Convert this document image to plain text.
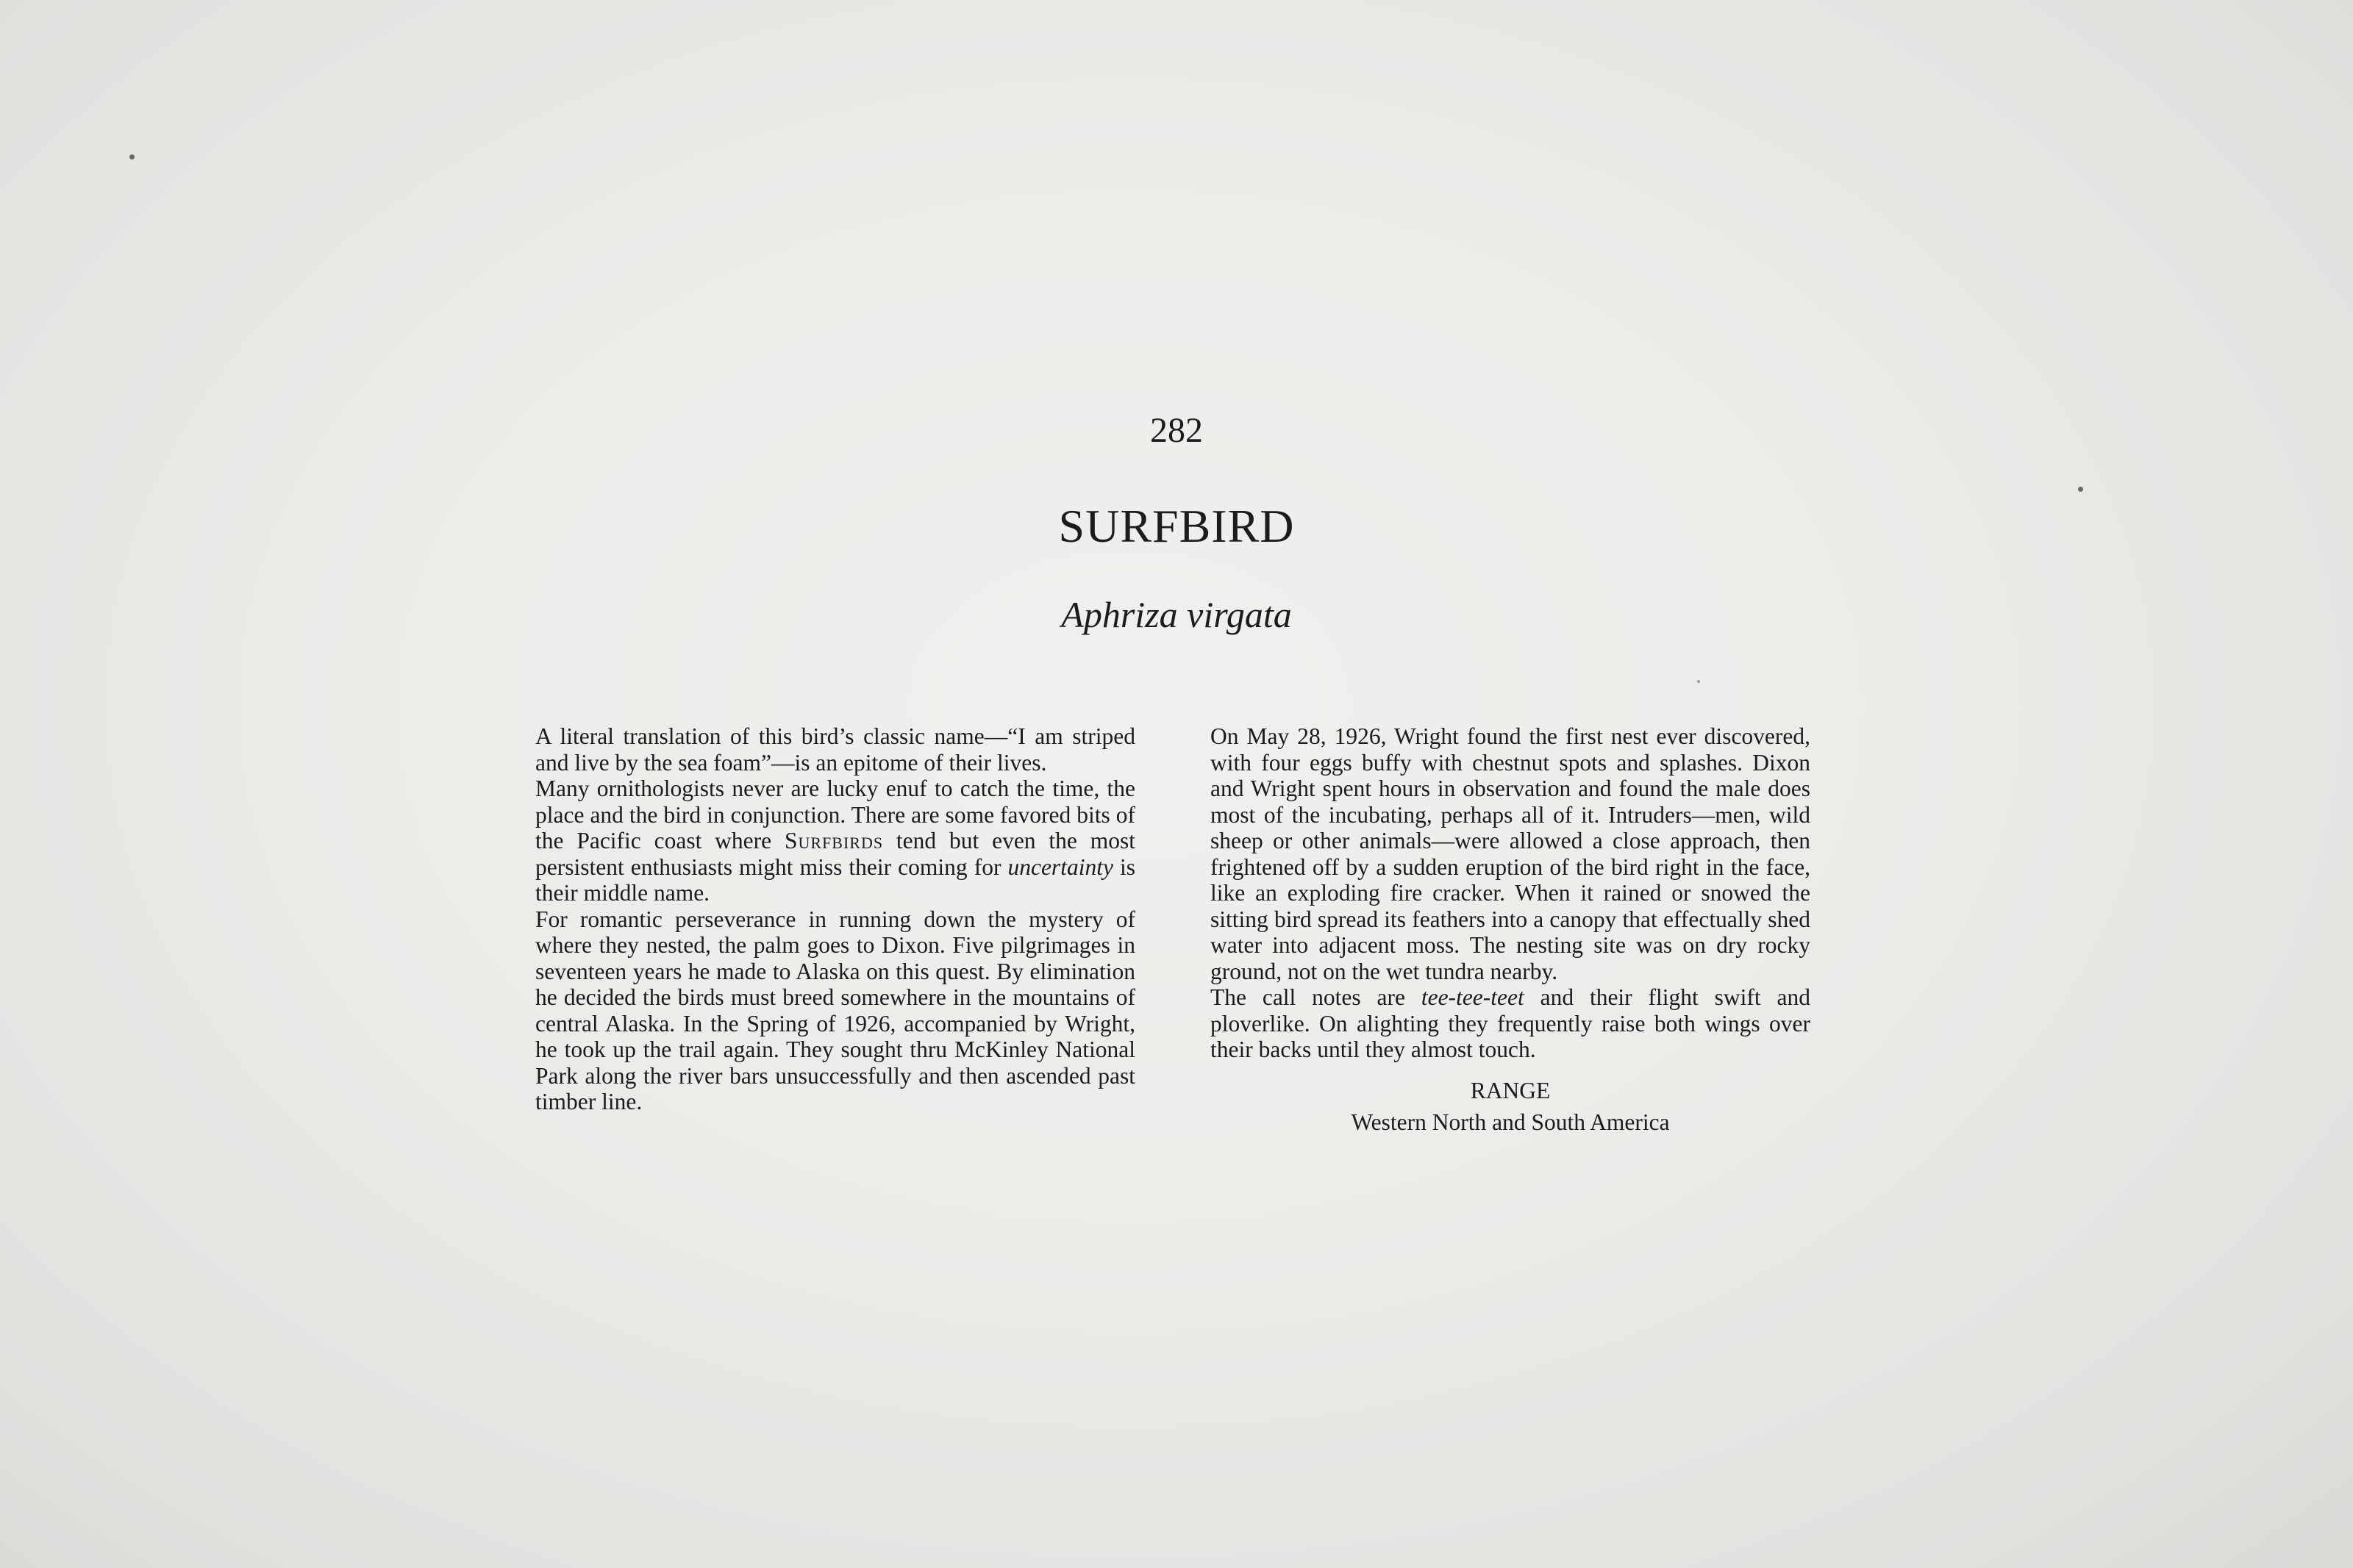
282
SURFBIRD
Aphriza virgata

A literal translation of this bird’s classic name—“I am striped and live by the sea foam”—is an epitome of their lives.

Many ornithologists never are lucky enuf to catch the time, the place and the bird in conjunction. There are some favored bits of the Pacific coast where Surfbirds tend but even the most persistent enthusiasts might miss their coming for uncertainty is their middle name.

For romantic perseverance in running down the mystery of where they nested, the palm goes to Dixon. Five pilgrimages in seventeen years he made to Alaska on this quest. By elimination he decided the birds must breed somewhere in the mountains of central Alaska. In the Spring of 1926, accompanied by Wright, he took up the trail again. They sought thru McKinley National Park along the river bars unsuccessfully and then ascended past timber line.

On May 28, 1926, Wright found the first nest ever discovered, with four eggs buffy with chestnut spots and splashes. Dixon and Wright spent hours in observation and found the male does most of the incubating, perhaps all of it. Intruders—men, wild sheep or other animals—were allowed a close approach, then frightened off by a sudden eruption of the bird right in the face, like an exploding fire cracker. When it rained or snowed the sitting bird spread its feathers into a canopy that effectually shed water into adjacent moss. The nesting site was on dry rocky ground, not on the wet tundra nearby.

The call notes are tee-tee-teet and their flight swift and ploverlike. On alighting they frequently raise both wings over their backs until they almost touch.

RANGE

Western North and South America
